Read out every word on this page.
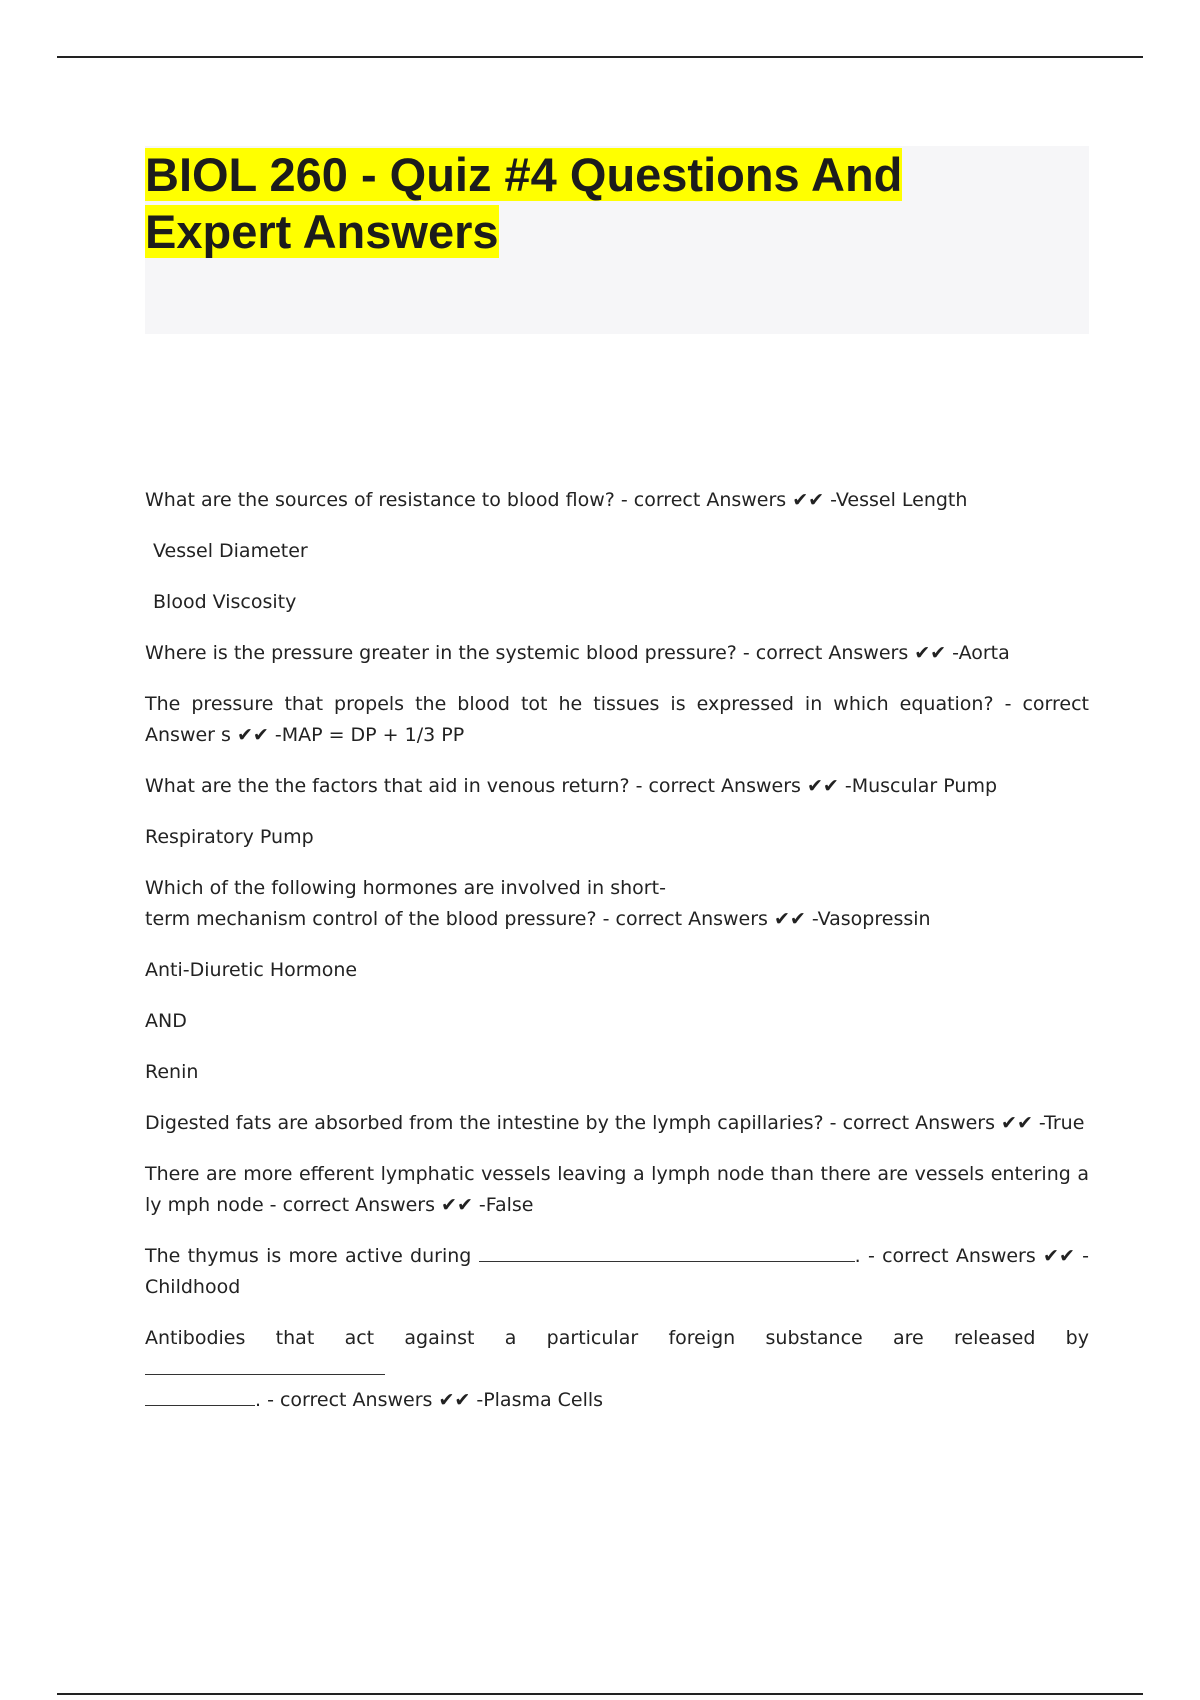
BIOL 260 - Quiz #4 Questions And Expert Answers

What are the sources of resistance to blood flow? - correct Answers ✔✔ -Vessel Length

Vessel Diameter

Blood Viscosity

Where is the pressure greater in the systemic blood pressure? - correct Answers ✔✔ -Aorta

The pressure that propels the blood tot he tissues is expressed in which equation? - correct Answer s ✔✔ -MAP = DP + 1/3 PP

What are the the factors that aid in venous return? - correct Answers ✔✔ -Muscular Pump

Respiratory Pump

Which of the following hormones are involved in short-
term mechanism control of the blood pressure? - correct Answers ✔✔ -Vasopressin

Anti-Diuretic Hormone

AND

Renin

Digested fats are absorbed from the intestine by the lymph capillaries? - correct Answers ✔✔ -True

There are more efferent lymphatic vessels leaving a lymph node than there are vessels entering a ly mph node - correct Answers ✔✔ -False

The thymus is more active during	. - correct Answers ✔✔ - Childhood

Antibodies that act against a particular foreign substance are released by
. - correct Answers ✔✔ -Plasma Cells
